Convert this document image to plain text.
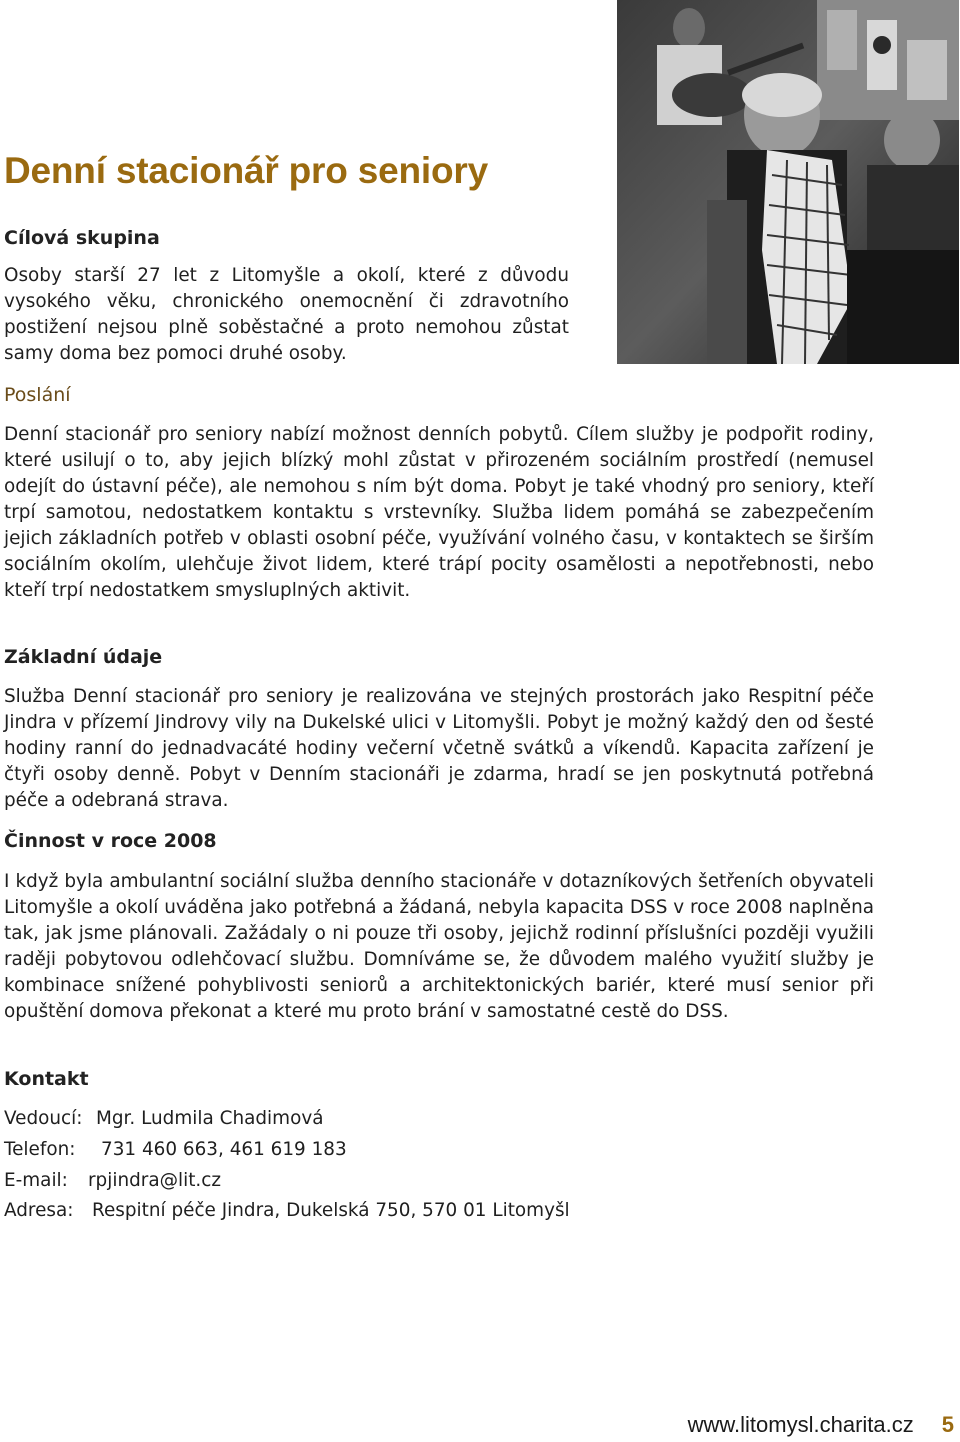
Denní stacionář pro seniory
Cílová skupina

Osoby starší 27 let z Litomyšle a okolí, které z důvodu vysokého věku, chronického onemocnění či zdravotního postižení nejsou plně soběstačné a proto nemohou zůstat samy doma bez pomoci druhé osoby.

Poslání

Denní stacionář pro seniory nabízí možnost denních pobytů. Cílem služby je podpořit rodiny, které usilují o to, aby jejich blízký mohl zůstat v přirozeném sociálním prostředí (nemusel odejít do ústavní péče), ale nemohou s ním být doma. Pobyt je také vhodný pro seniory, kteří trpí samotou, nedostatkem kontaktu s vrstevníky. Služba lidem pomáhá se zabezpečením jejich základních potřeb v oblasti osobní péče, využívání volného času, v kontaktech se širším sociálním okolím, ulehčuje život lidem, které trápí pocity osamělosti a nepotřebnosti, nebo kteří trpí nedostatkem smysluplných aktivit.

Základní údaje

Služba Denní stacionář pro seniory je realizována ve stejných prostorách jako Respitní péče Jindra v přízemí Jindrovy vily na Dukelské ulici v Litomyšli. Pobyt je možný každý den od šesté hodiny ranní do jednadvacáté hodiny večerní včetně svátků a víkendů. Kapacita zařízení je čtyři osoby denně. Pobyt v Denním stacionáři je zdarma, hradí se jen poskytnutá potřebná péče a odebraná strava.

Činnost v roce 2008

I když byla ambulantní sociální služba denního stacionáře v dotazníkových šetřeních obyvateli Litomyšle a okolí uváděna jako potřebná a žádaná, nebyla kapacita DSS v roce 2008 naplněna tak, jak jsme plánovali. Zažádaly o ni pouze tři osoby, jejichž rodinní příslušníci později využili raději pobytovou odlehčovací službu. Domníváme se, že důvodem malého využití služby je kombinace snížené pohyblivosti seniorů a architektonických bariér, které musí senior při opuštění domova překonat a které mu proto brání v samostatné cestě do DSS.

Kontakt

Vedoucí: Mgr. Ludmila Chadimová

Telefon: 731 460 663, 461 619 183

E-mail: rpjindra@lit.cz

Adresa: Respitní péče Jindra, Dukelská 750, 570 01 Litomyšl

www.litomysl.charita.cz 5
